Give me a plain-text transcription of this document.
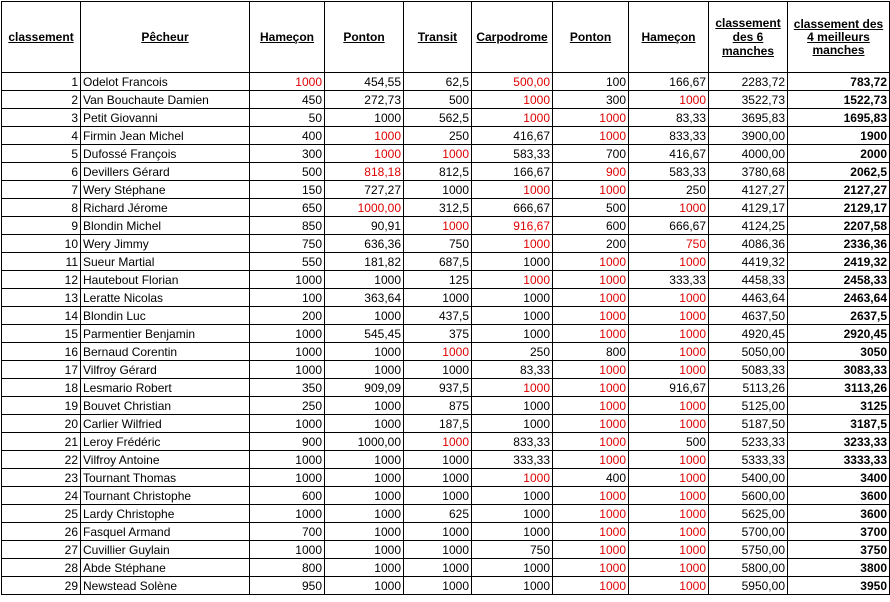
classement	Pêcheur	Hameçon	Ponton	Transit	Carpodrome	Ponton	Hameçon	classement des 6 manches	classement des 4 meilleurs manches
1	Odelot Francois	1000	454,55	62,5	500,00	100	166,67	2283,72	783,72
2	Van Bouchaute Damien	450	272,73	500	1000	300	1000	3522,73	1522,73
3	Petit Giovanni	50	1000	562,5	1000	1000	83,33	3695,83	1695,83
4	Firmin Jean Michel	400	1000	250	416,67	1000	833,33	3900,00	1900
5	Dufossé François	300	1000	1000	583,33	700	416,67	4000,00	2000
6	Devillers Gérard	500	818,18	812,5	166,67	900	583,33	3780,68	2062,5
7	Wery Stéphane	150	727,27	1000	1000	1000	250	4127,27	2127,27
8	Richard Jérome	650	1000,00	312,5	666,67	500	1000	4129,17	2129,17
9	Blondin Michel	850	90,91	1000	916,67	600	666,67	4124,25	2207,58
10	Wery Jimmy	750	636,36	750	1000	200	750	4086,36	2336,36
11	Sueur Martial	550	181,82	687,5	1000	1000	1000	4419,32	2419,32
12	Hautebout Florian	1000	1000	125	1000	1000	333,33	4458,33	2458,33
13	Leratte Nicolas	100	363,64	1000	1000	1000	1000	4463,64	2463,64
14	Blondin Luc	200	1000	437,5	1000	1000	1000	4637,50	2637,5
15	Parmentier Benjamin	1000	545,45	375	1000	1000	1000	4920,45	2920,45
16	Bernaud Corentin	1000	1000	1000	250	800	1000	5050,00	3050
17	Vilfroy Gérard	1000	1000	1000	83,33	1000	1000	5083,33	3083,33
18	Lesmario Robert	350	909,09	937,5	1000	1000	916,67	5113,26	3113,26
19	Bouvet Christian	250	1000	875	1000	1000	1000	5125,00	3125
20	Carlier Wilfried	1000	1000	187,5	1000	1000	1000	5187,50	3187,5
21	Leroy Frédéric	900	1000,00	1000	833,33	1000	500	5233,33	3233,33
22	Vilfroy Antoine	1000	1000	1000	333,33	1000	1000	5333,33	3333,33
23	Tournant Thomas	1000	1000	1000	1000	400	1000	5400,00	3400
24	Tournant Christophe	600	1000	1000	1000	1000	1000	5600,00	3600
25	Lardy Christophe	1000	1000	625	1000	1000	1000	5625,00	3600
26	Fasquel Armand	700	1000	1000	1000	1000	1000	5700,00	3700
27	Cuvillier Guylain	1000	1000	1000	750	1000	1000	5750,00	3750
28	Abde Stéphane	800	1000	1000	1000	1000	1000	5800,00	3800
29	Newstead Solène	950	1000	1000	1000	1000	1000	5950,00	3950
